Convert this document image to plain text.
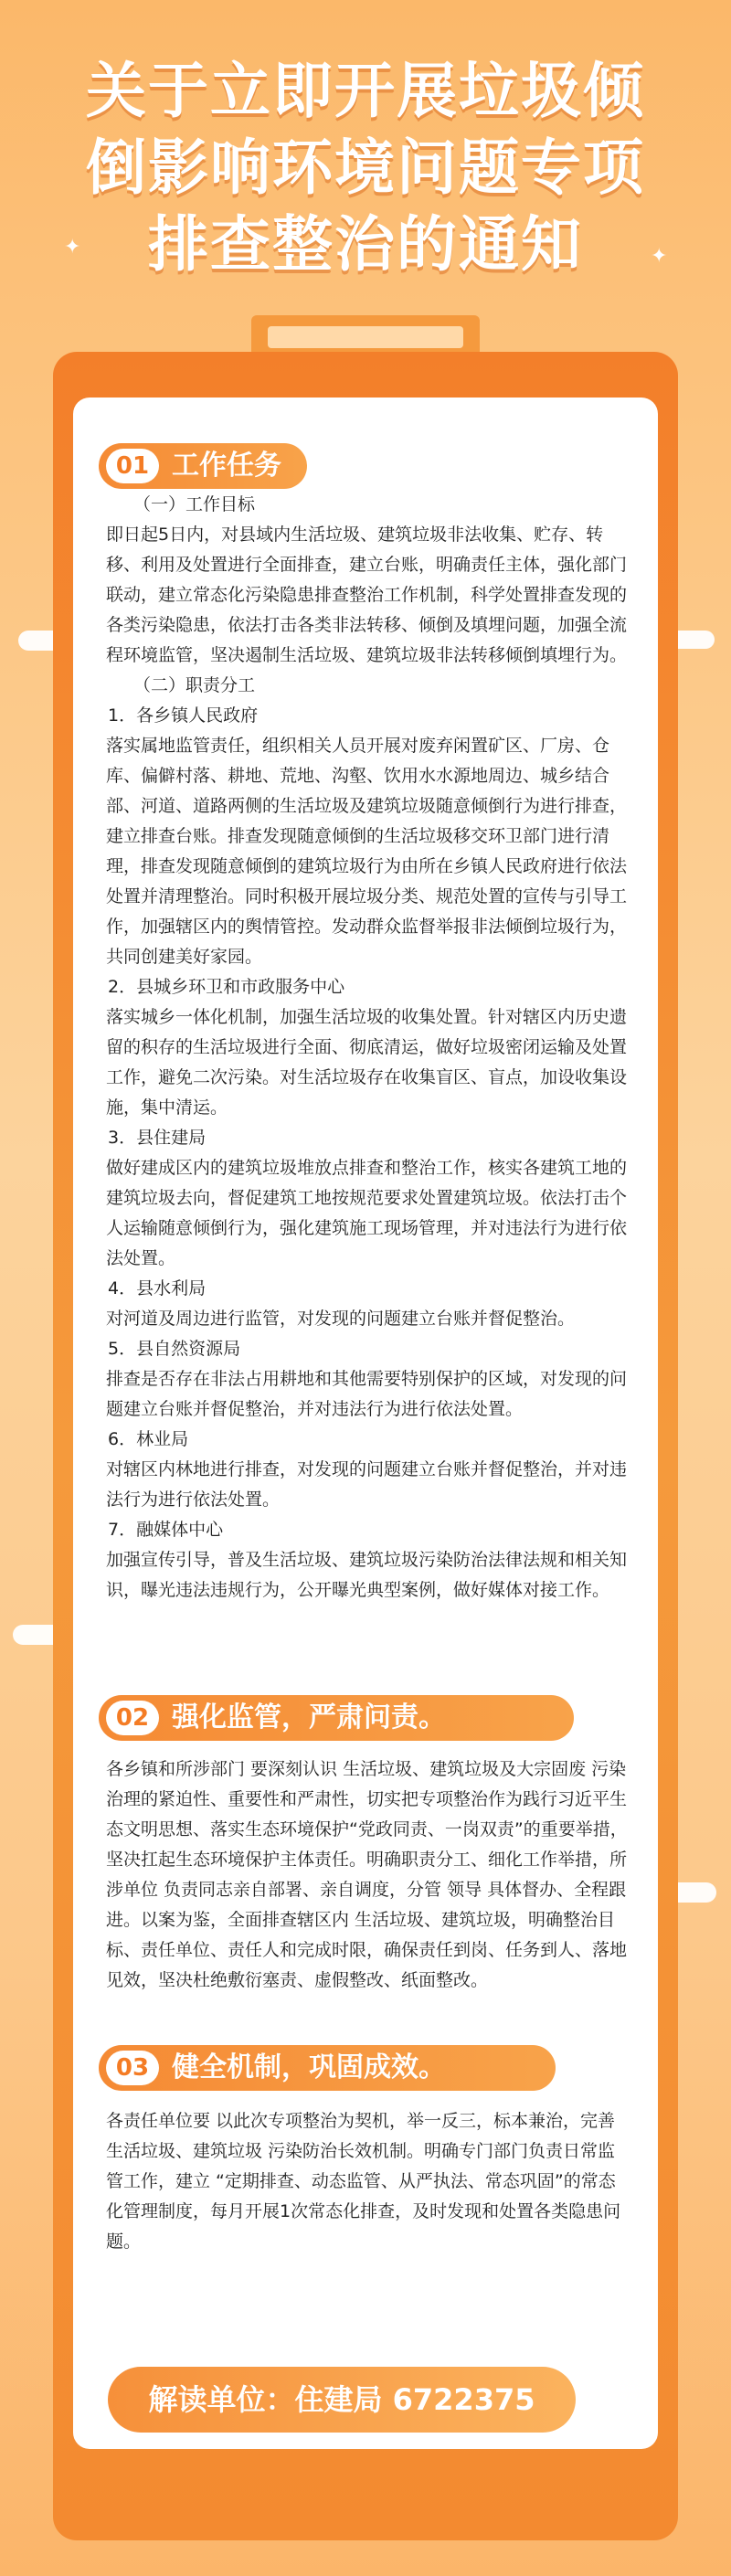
关于立即开展垃圾倾
倒影响环境问题专项
排查整治的通知
✦	✦
01 工作任务

（一）工作目标

即日起5日内，对县域内生活垃圾、建筑垃圾非法收集、贮存、转移、利用及处置进行全面排查，建立台账，明确责任主体，强化部门联动，建立常态化污染隐患排查整治工作机制，科学处置排查发现的各类污染隐患，依法打击各类非法转移、倾倒及填埋问题，加强全流程环境监管，坚决遏制生活垃圾、建筑垃圾非法转移倾倒填埋行为。

（二）职责分工

1．各乡镇人民政府

落实属地监管责任，组织相关人员开展对废弃闲置矿区、厂房、仓库、偏僻村落、耕地、荒地、沟壑、饮用水水源地周边、城乡结合部、河道、道路两侧的生活垃圾及建筑垃圾随意倾倒行为进行排查，建立排查台账。排查发现随意倾倒的生活垃圾移交环卫部门进行清理，排查发现随意倾倒的建筑垃圾行为由所在乡镇人民政府进行依法处置并清理整治。同时积极开展垃圾分类、规范处置的宣传与引导工作，加强辖区内的舆情管控。发动群众监督举报非法倾倒垃圾行为，共同创建美好家园。

2．县城乡环卫和市政服务中心

落实城乡一体化机制，加强生活垃圾的收集处置。针对辖区内历史遗留的积存的生活垃圾进行全面、彻底清运，做好垃圾密闭运输及处置工作，避免二次污染。对生活垃圾存在收集盲区、盲点，加设收集设施，集中清运。

3．县住建局

做好建成区内的建筑垃圾堆放点排查和整治工作，核实各建筑工地的建筑垃圾去向，督促建筑工地按规范要求处置建筑垃圾。依法打击个人运输随意倾倒行为，强化建筑施工现场管理，并对违法行为进行依法处置。

4．县水利局

对河道及周边进行监管，对发现的问题建立台账并督促整治。

5．县自然资源局

排查是否存在非法占用耕地和其他需要特别保护的区域，对发现的问题建立台账并督促整治，并对违法行为进行依法处置。

6．林业局

对辖区内林地进行排查，对发现的问题建立台账并督促整治，并对违法行为进行依法处置。

7．融媒体中心

加强宣传引导，普及生活垃圾、建筑垃圾污染防治法律法规和相关知识，曝光违法违规行为，公开曝光典型案例，做好媒体对接工作。

02 强化监管，严肃问责。

各乡镇和所涉部门 要深刻认识 生活垃圾、建筑垃圾及大宗固废 污染治理的紧迫性、重要性和严肃性，切实把专项整治作为践行习近平生态文明思想、落实生态环境保护“党政同责、一岗双责”的重要举措，坚决扛起生态环境保护主体责任。明确职责分工、细化工作举措，所涉单位 负责同志亲自部署、亲自调度，分管 领导 具体督办、全程跟进。以案为鉴，全面排查辖区内 生活垃圾、建筑垃圾，明确整治目标、责任单位、责任人和完成时限，确保责任到岗、任务到人、落地见效，坚决杜绝敷衍塞责、虚假整改、纸面整改。

03 健全机制，巩固成效。

各责任单位要 以此次专项整治为契机，举一反三，标本兼治，完善 生活垃圾、建筑垃圾 污染防治长效机制。明确专门部门负责日常监管工作，建立 “定期排查、动态监管、从严执法、常态巩固”的常态化管理制度，每月开展1次常态化排查，及时发现和处置各类隐患问题。

解读单位：住建局 6722375
